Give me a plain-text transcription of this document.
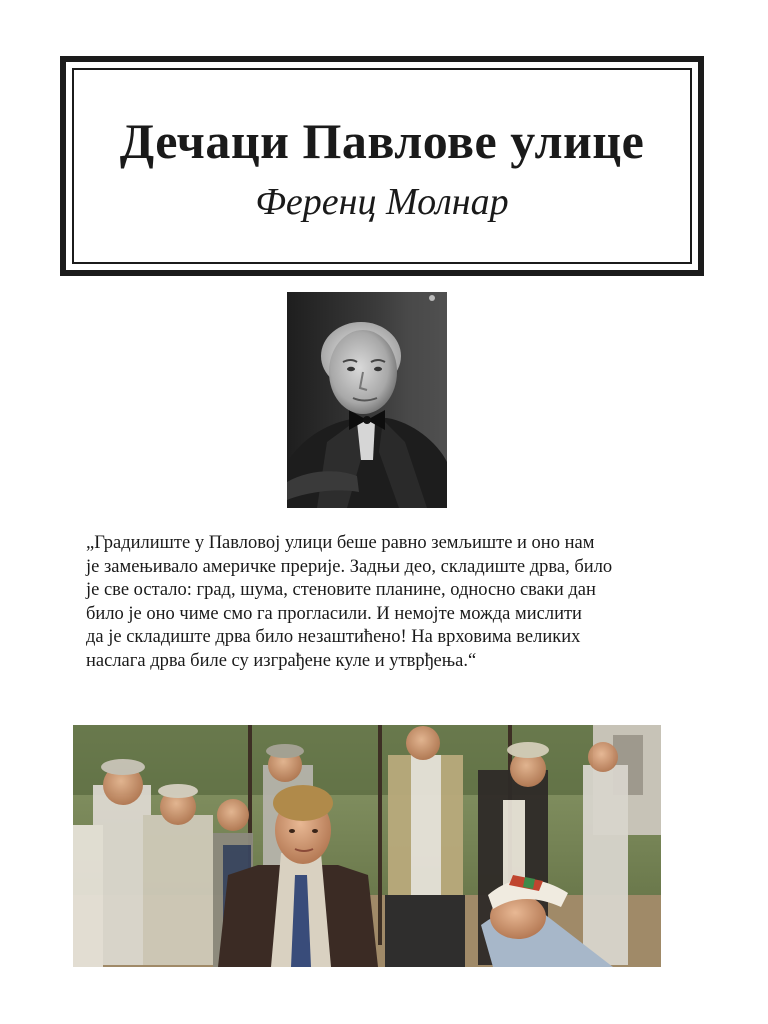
Дечаци Павлове улице
Ференц Молнар

„Градилиште у Павловој улици беше равно земљиште и оно нам
је замењивало америчке прерије. Задњи део, складиште дрва, било
је све остало: град, шума, стеновите планине, односно сваки дан
било је оно чиме смо га прогласили. И немојте можда мислити
да је складиште дрва било незаштићено! На врховима великих
наслага дрва биле су изграђене куле и утврђења.“
